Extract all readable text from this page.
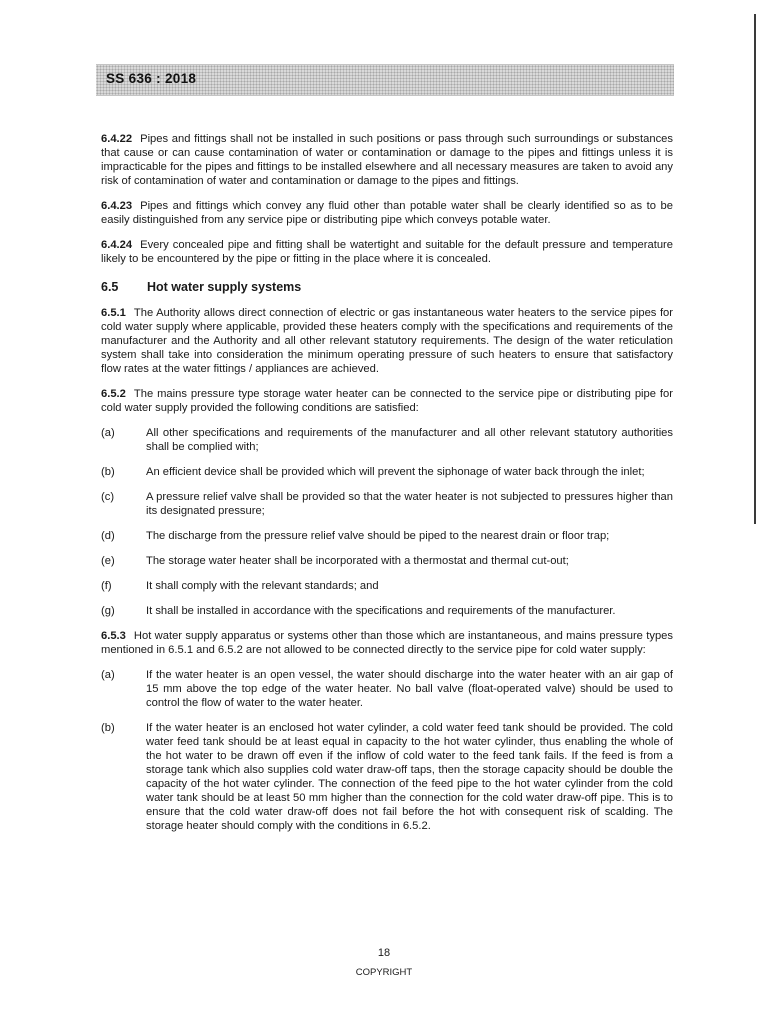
SS 636 : 2018

6.4.22 Pipes and fittings shall not be installed in such positions or pass through such surroundings or substances that cause or can cause contamination of water or contamination or damage to the pipes and fittings unless it is impracticable for the pipes and fittings to be installed elsewhere and all necessary measures are taken to avoid any risk of contamination of water and contamination or damage to the pipes and fittings.

6.4.23 Pipes and fittings which convey any fluid other than potable water shall be clearly identified so as to be easily distinguished from any service pipe or distributing pipe which conveys potable water.

6.4.24 Every concealed pipe and fitting shall be watertight and suitable for the default pressure and temperature likely to be encountered by the pipe or fitting in the place where it is concealed.

6.5 Hot water supply systems

6.5.1 The Authority allows direct connection of electric or gas instantaneous water heaters to the service pipes for cold water supply where applicable, provided these heaters comply with the specifications and requirements of the manufacturer and the Authority and all other relevant statutory requirements. The design of the water reticulation system shall take into consideration the minimum operating pressure of such heaters to ensure that satisfactory flow rates at the water fittings / appliances are achieved.

6.5.2 The mains pressure type storage water heater can be connected to the service pipe or distributing pipe for cold water supply provided the following conditions are satisfied:

(a)	All other specifications and requirements of the manufacturer and all other relevant statutory authorities shall be complied with;
(b)	An efficient device shall be provided which will prevent the siphonage of water back through the inlet;
(c)	A pressure relief valve shall be provided so that the water heater is not subjected to pressures higher than its designated pressure;
(d)	The discharge from the pressure relief valve should be piped to the nearest drain or floor trap;
(e)	The storage water heater shall be incorporated with a thermostat and thermal cut-out;
(f)	It shall comply with the relevant standards; and
(g)	It shall be installed in accordance with the specifications and requirements of the manufacturer.

6.5.3 Hot water supply apparatus or systems other than those which are instantaneous, and mains pressure types mentioned in 6.5.1 and 6.5.2 are not allowed to be connected directly to the service pipe for cold water supply:

(a)	If the water heater is an open vessel, the water should discharge into the water heater with an air gap of 15 mm above the top edge of the water heater. No ball valve (float-operated valve) should be used to control the flow of water to the water heater.
(b)	If the water heater is an enclosed hot water cylinder, a cold water feed tank should be provided. The cold water feed tank should be at least equal in capacity to the hot water cylinder, thus enabling the whole of the hot water to be drawn off even if the inflow of cold water to the feed tank fails. If the feed is from a storage tank which also supplies cold water draw-off taps, then the storage capacity should be double the capacity of the hot water cylinder. The connection of the feed pipe to the hot water cylinder from the cold water tank should be at least 50 mm higher than the connection for the cold water draw-off pipe. This is to ensure that the cold water draw-off does not fail before the hot with consequent risk of scalding. The storage heater should comply with the conditions in 6.5.2.
18
COPYRIGHT
